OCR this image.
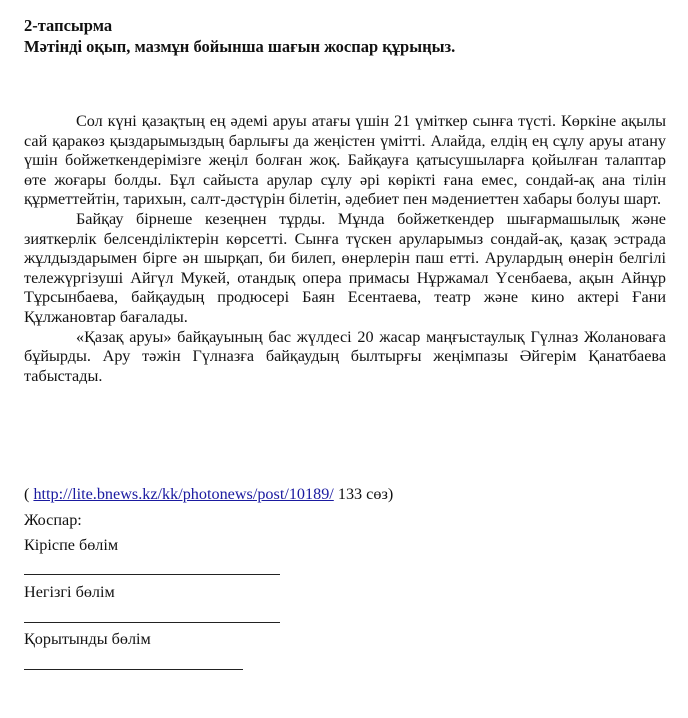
2-тапсырма
Мәтінді оқып, мазмұн бойынша шағын жоспар құрыңыз.

Сол күні қазақтың ең әдемі аруы атағы үшін 21 үміткер сынға түсті. Көркіне ақылы сай қаракөз қыздарымыздың барлығы да жеңістен үмітті. Алайда, елдің ең сұлу аруы атану үшін бойжеткендерімізге жеңіл болған жоқ. Байқауға қатысушыларға қойылған талаптар өте жоғары болды. Бұл сайыста арулар сұлу әрі көрікті ғана емес, сондай-ақ ана тілін құрметтейтін, тарихын, салт-дәстүрін білетін, әдебиет пен мәдениеттен хабары болуы шарт.

Байқау бірнеше кезеңнен тұрды. Мұнда бойжеткендер шығармашылық және зияткерлік белсенділіктерін көрсетті. Сынға түскен аруларымыз сондай-ақ, қазақ эстрада жұлдыздарымен бірге ән шырқап, би билеп, өнерлерін паш етті. Арулардың өнерін белгілі тележүргізуші Айгүл Мукей, отандық опера примасы Нұржамал Үсенбаева, ақын Айнұр Тұрсынбаева, байқаудың продюсері Баян Есентаева, театр және кино актері Ғани Құлжановтар бағалады.

«Қазақ аруы» байқауының бас жүлдесі 20 жасар маңғыстаулық Гүлназ Жолановаға бұйырды. Ару тәжін Гүлназға байқаудың былтырғы жеңімпазы Әйгерім Қанатбаева табыстады.

( http://lite.bnews.kz/kk/photonews/post/10189/ 133 сөз)
Жоспар:
Кіріспе бөлім
Негізгі бөлім
Қорытынды бөлім
